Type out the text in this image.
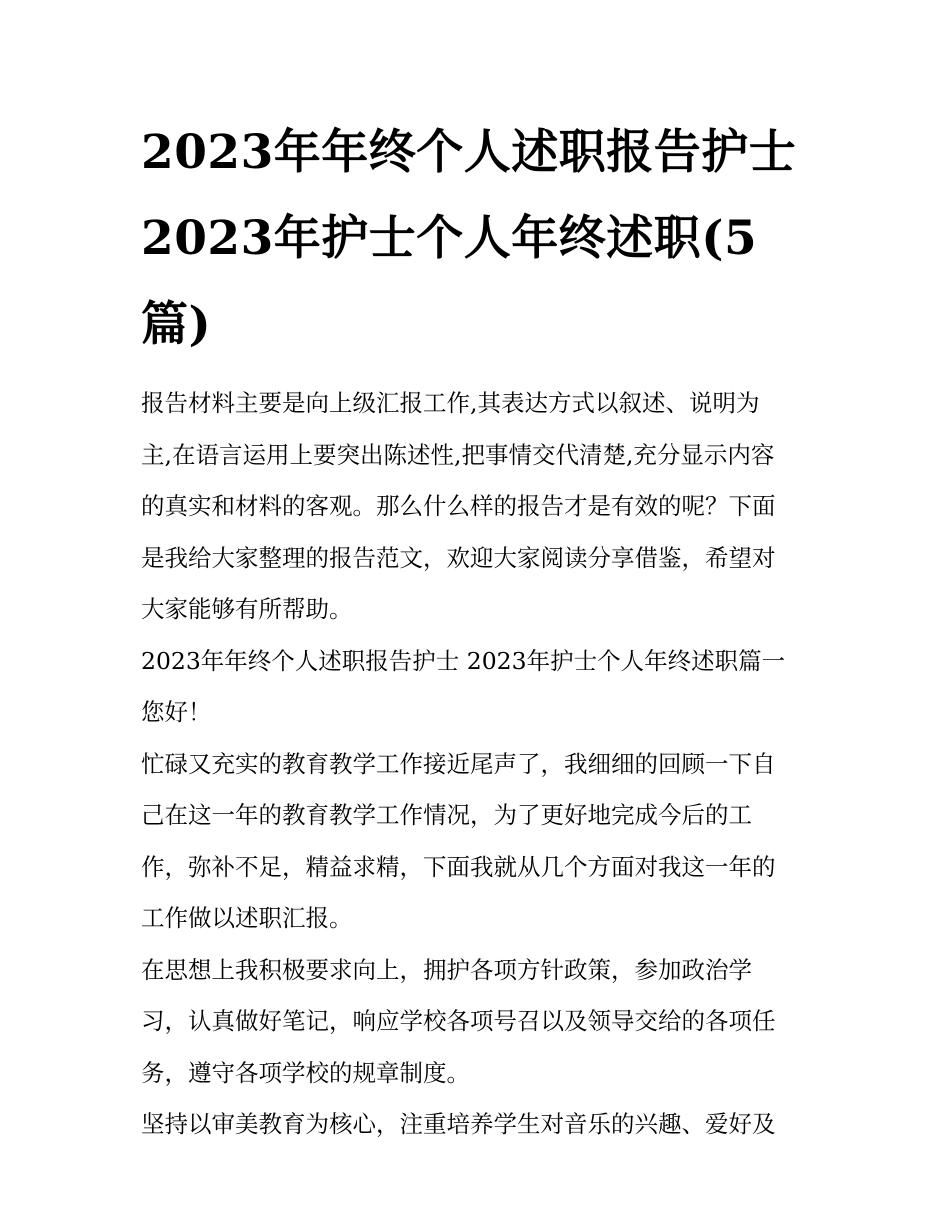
2023年年终个人述职报告护士
2023年护士个人年终述职(5
篇)

报告材料主要是向上级汇报工作,其表达方式以叙述、说明为
主,在语言运用上要突出陈述性,把事情交代清楚,充分显示内容
的真实和材料的客观。那么什么样的报告才是有效的呢？下面
是我给大家整理的报告范文，欢迎大家阅读分享借鉴，希望对
大家能够有所帮助。

2023年年终个人述职报告护士 2023年护士个人年终述职篇一

您好！

忙碌又充实的教育教学工作接近尾声了，我细细的回顾一下自
己在这一年的教育教学工作情况，为了更好地完成今后的工
作，弥补不足，精益求精，下面我就从几个方面对我这一年的
工作做以述职汇报。

在思想上我积极要求向上，拥护各项方针政策，参加政治学
习，认真做好笔记，响应学校各项号召以及领导交给的各项任
务，遵守各项学校的规章制度。

坚持以审美教育为核心，注重培养学生对音乐的兴趣、爱好及
